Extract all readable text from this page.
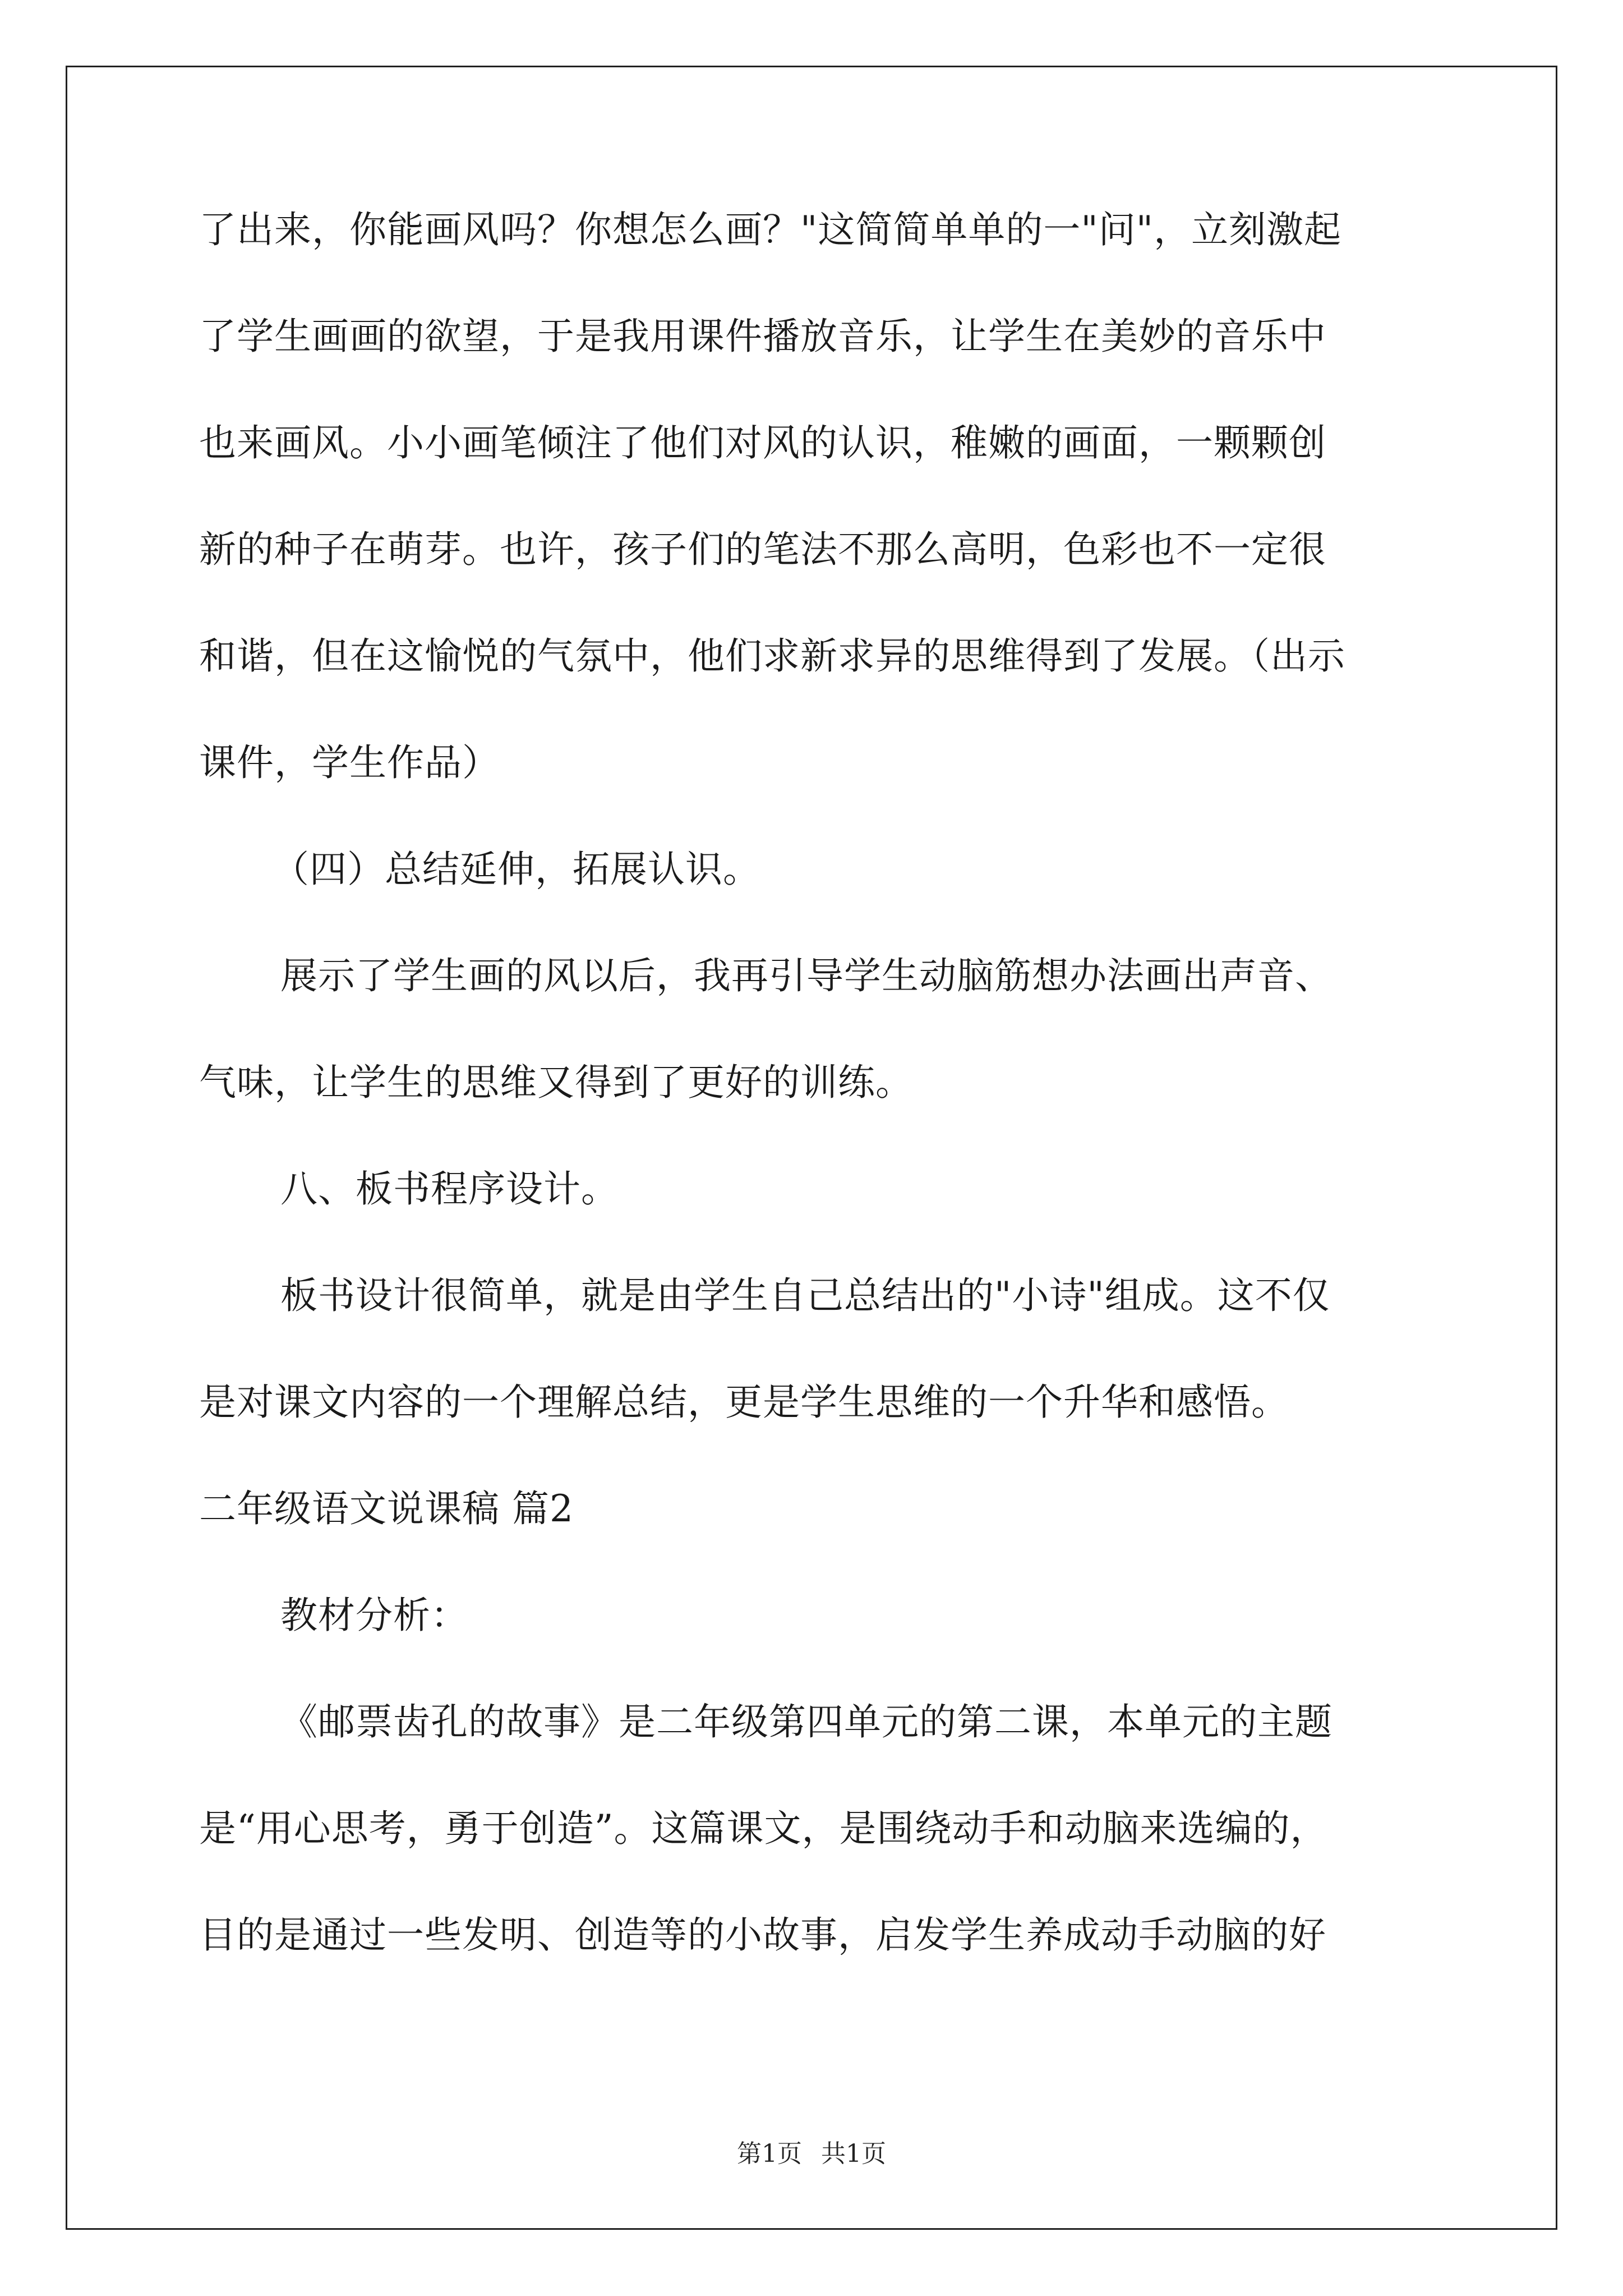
了出来，你能画风吗？你想怎么画？"这简简单单的一"问"，立刻激起
了学生画画的欲望，于是我用课件播放音乐，让学生在美妙的音乐中
也来画风。小小画笔倾注了他们对风的认识，稚嫩的画面，一颗颗创
新的种子在萌芽。也许，孩子们的笔法不那么高明，色彩也不一定很
和谐，但在这愉悦的气氛中，他们求新求异的思维得到了发展。（出示
课件，学生作品）
（四）总结延伸，拓展认识。
展示了学生画的风以后，我再引导学生动脑筋想办法画出声音、
气味，让学生的思维又得到了更好的训练。
八、板书程序设计。
板书设计很简单，就是由学生自己总结出的"小诗"组成。这不仅
是对课文内容的一个理解总结，更是学生思维的一个升华和感悟。
二年级语文说课稿 篇2
教材分析：
《邮票齿孔的故事》是二年级第四单元的第二课，本单元的主题
是“用心思考，勇于创造”。这篇课文，是围绕动手和动脑来选编的，
目的是通过一些发明、创造等的小故事，启发学生养成动手动脑的好
第1页 共1页
